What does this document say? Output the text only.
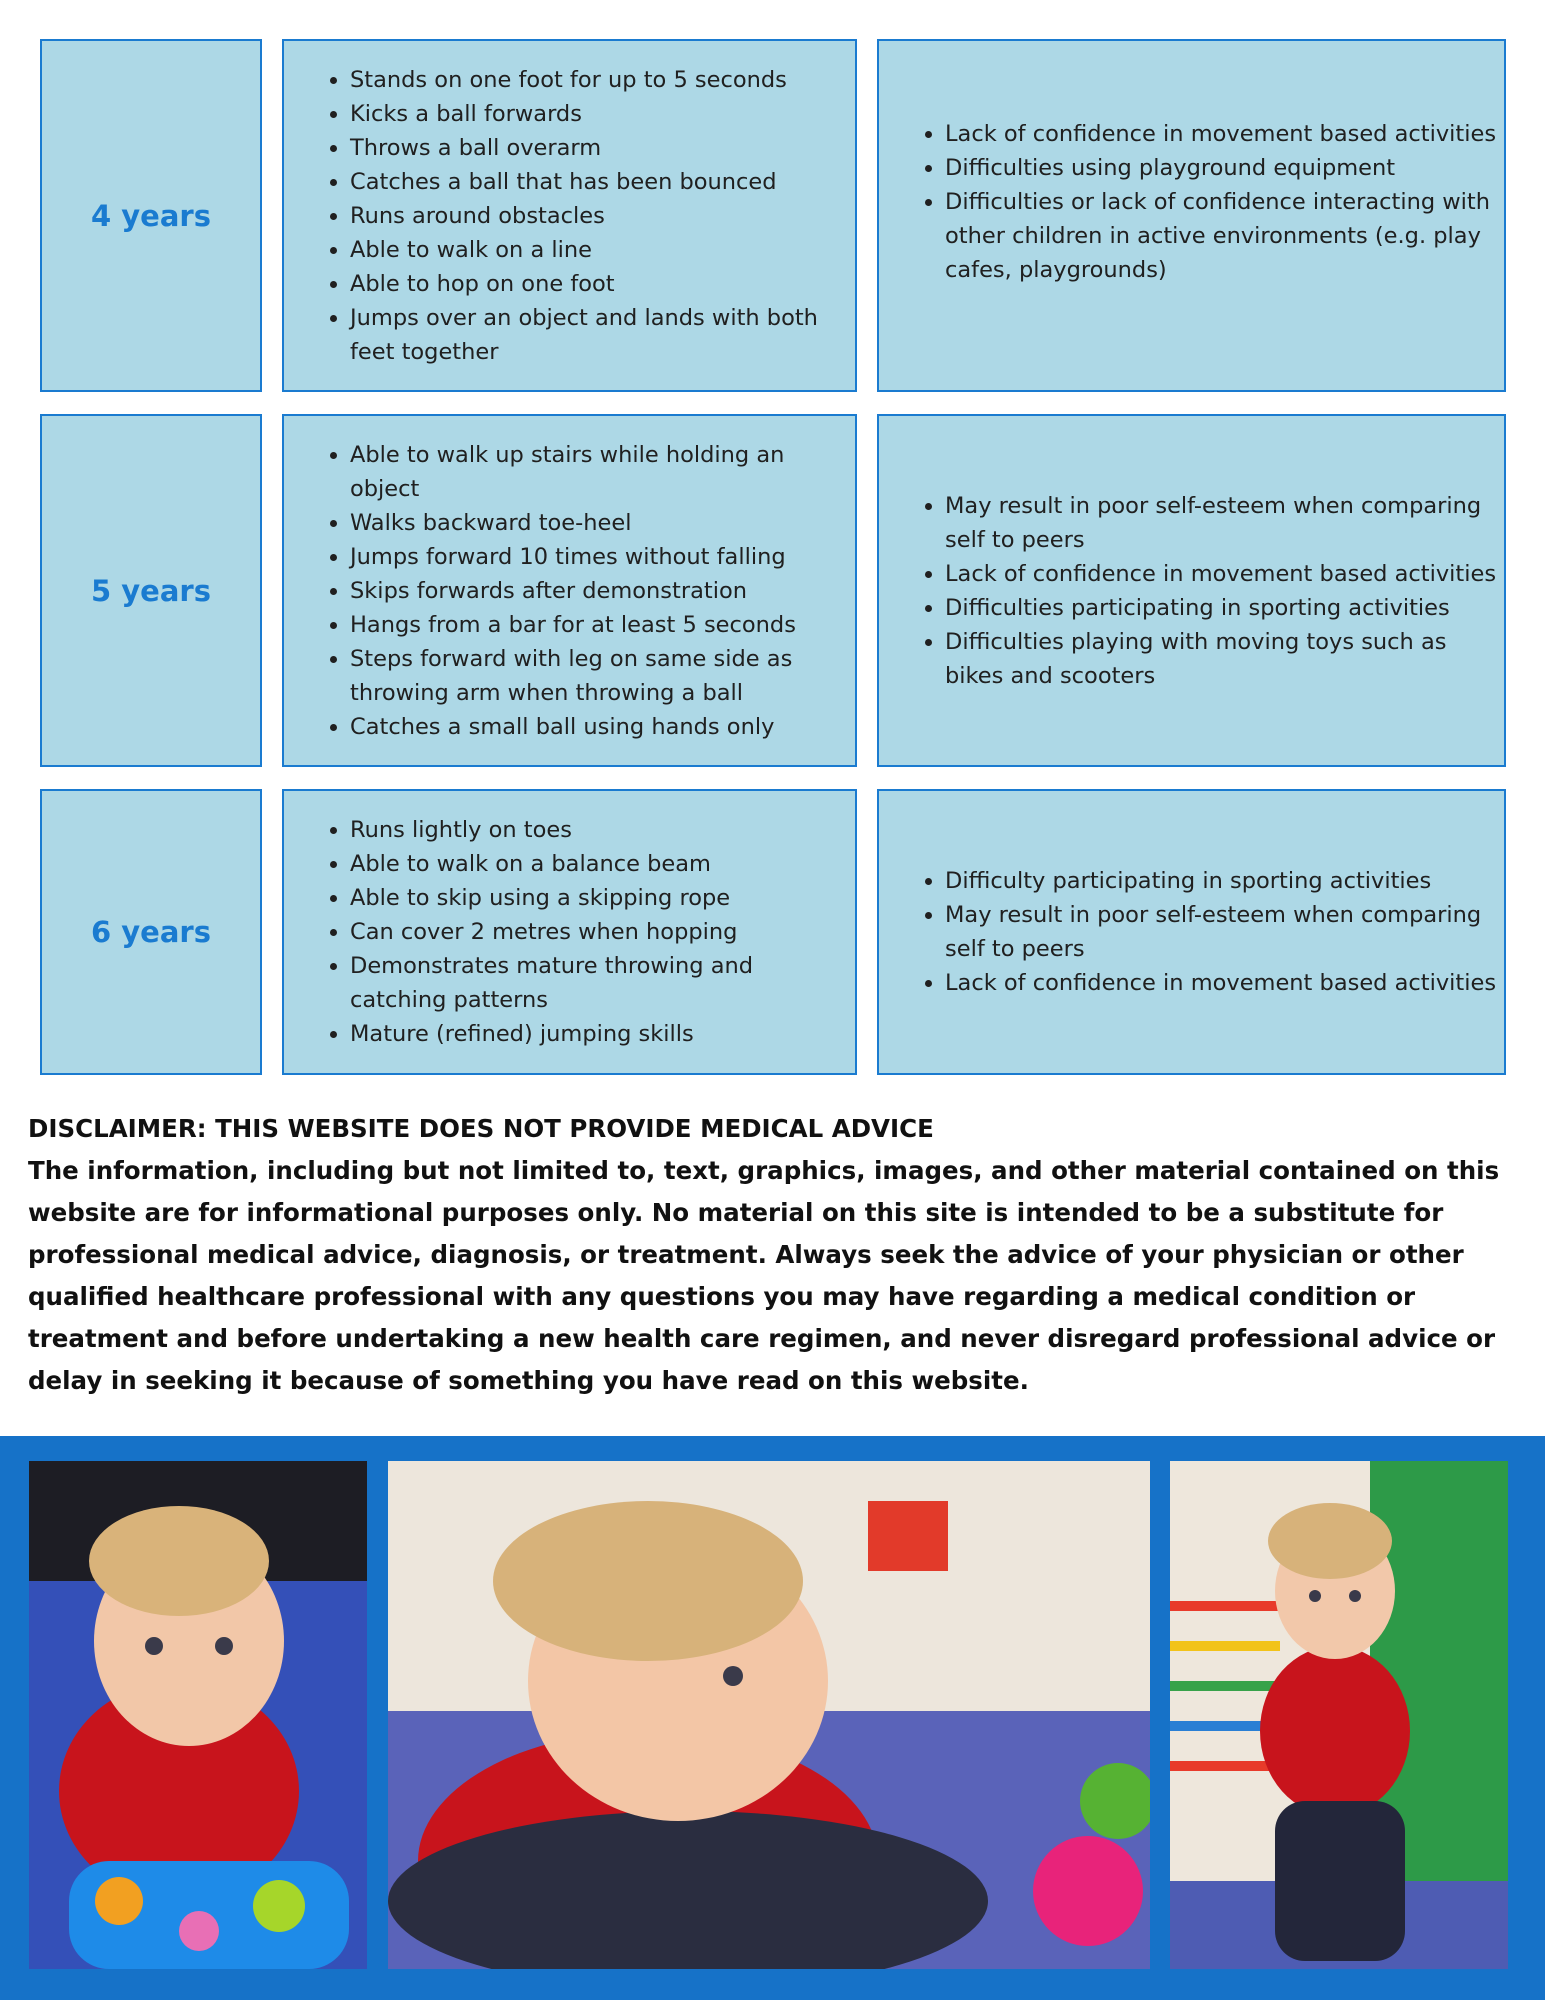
4 years
• Stands on one foot for up to 5 seconds
• Kicks a ball forwards
• Throws a ball overarm
• Catches a ball that has been bounced
• Runs around obstacles
• Able to walk on a line
• Able to hop on one foot
• Jumps over an object and lands with both feet together
• Lack of confidence in movement based activities
• Difficulties using playground equipment
• Difficulties or lack of confidence interacting with other children in active environments (e.g. play cafes, playgrounds)
5 years
• Able to walk up stairs while holding an object
• Walks backward toe-heel
• Jumps forward 10 times without falling
• Skips forwards after demonstration
• Hangs from a bar for at least 5 seconds
• Steps forward with leg on same side as throwing arm when throwing a ball
• Catches a small ball using hands only
• May result in poor self-esteem when comparing self to peers
• Lack of confidence in movement based activities
• Difficulties participating in sporting activities
• Difficulties playing with moving toys such as bikes and scooters
6 years
• Runs lightly on toes
• Able to walk on a balance beam
• Able to skip using a skipping rope
• Can cover 2 metres when hopping
• Demonstrates mature throwing and catching patterns
• Mature (refined) jumping skills
• Difficulty participating in sporting activities
• May result in poor self-esteem when comparing self to peers
• Lack of confidence in movement based activities

DISCLAIMER: THIS WEBSITE DOES NOT PROVIDE MEDICAL ADVICE

The information, including but not limited to, text, graphics, images, and other material contained on this website are for informational purposes only. No material on this site is intended to be a substitute for professional medical advice, diagnosis, or treatment. Always seek the advice of your physician or other qualified healthcare professional with any questions you may have regarding a medical condition or treatment and before undertaking a new health care regimen, and never disregard professional advice or delay in seeking it because of something you have read on this website.
